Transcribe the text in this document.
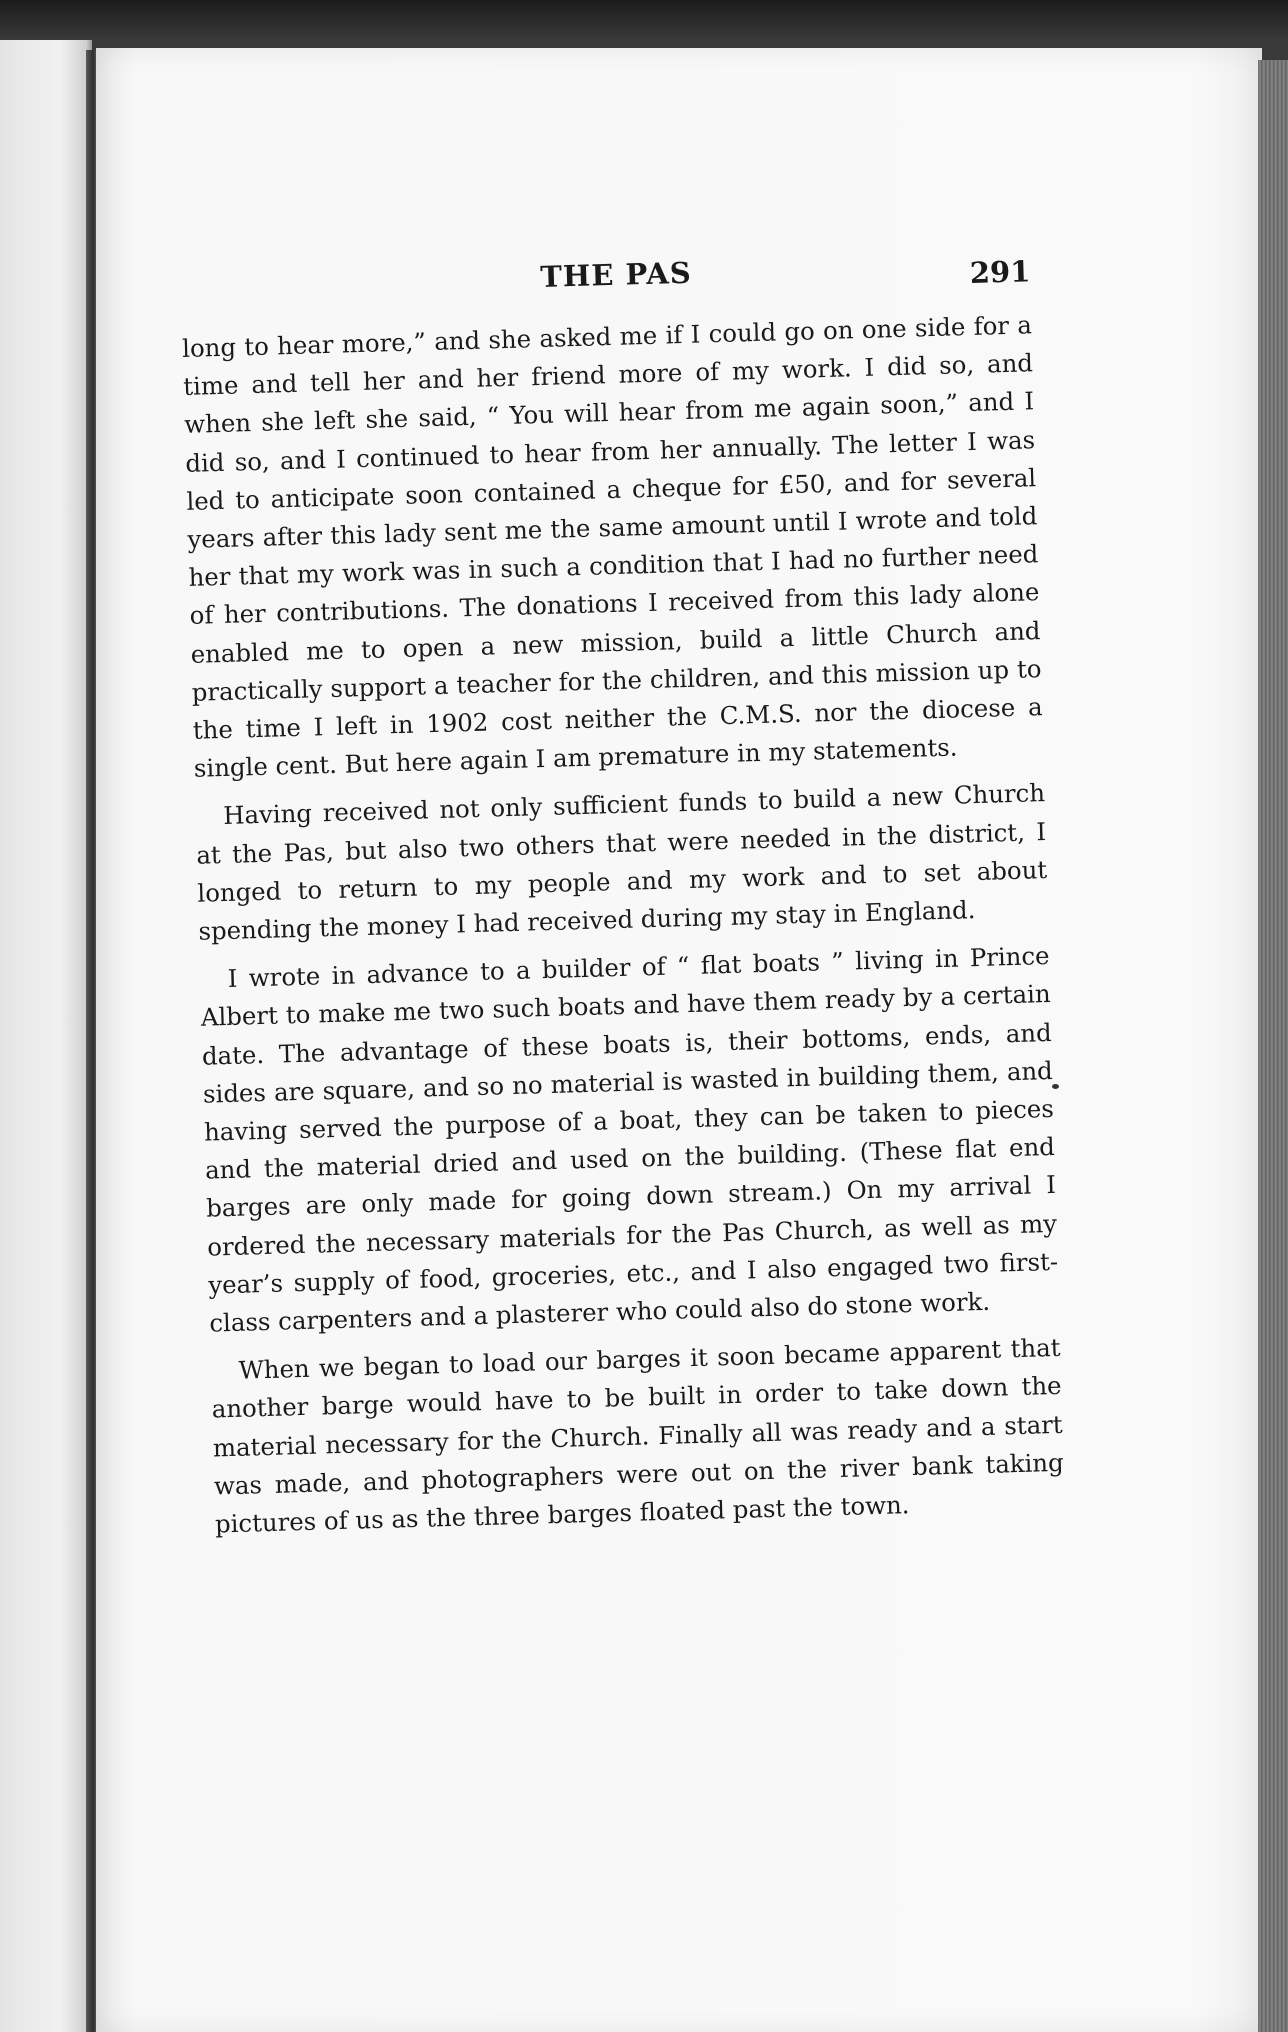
THE PAS	291

long to hear more,” and she asked me if I could go on one side for a time and tell her and her friend more of my work. I did so, and when she left she said, “ You will hear from me again soon,” and I did so, and I continued to hear from her annually. The letter I was led to anticipate soon contained a cheque for £50, and for several years after this lady sent me the same amount until I wrote and told her that my work was in such a condition that I had no further need of her contributions. The donations I received from this lady alone enabled me to open a new mission, build a little Church and practically support a teacher for the children, and this mission up to the time I left in 1902 cost neither the C.M.S. nor the diocese a single cent. But here again I am premature in my statements.

Having received not only sufficient funds to build a new Church at the Pas, but also two others that were needed in the district, I longed to return to my people and my work and to set about spending the money I had received during my stay in England.

I wrote in advance to a builder of “ flat boats ” living in Prince Albert to make me two such boats and have them ready by a certain date. The advantage of these boats is, their bottoms, ends, and sides are square, and so no material is wasted in building them, and having served the purpose of a boat, they can be taken to pieces and the material dried and used on the building. (These flat end barges are only made for going down stream.) On my arrival I ordered the necessary materials for the Pas Church, as well as my year’s supply of food, groceries, etc., and I also engaged two first-class carpenters and a plasterer who could also do stone work.

When we began to load our barges it soon became apparent that another barge would have to be built in order to take down the material necessary for the Church. Finally all was ready and a start was made, and photographers were out on the river bank taking pictures of us as the three barges floated past the town.
